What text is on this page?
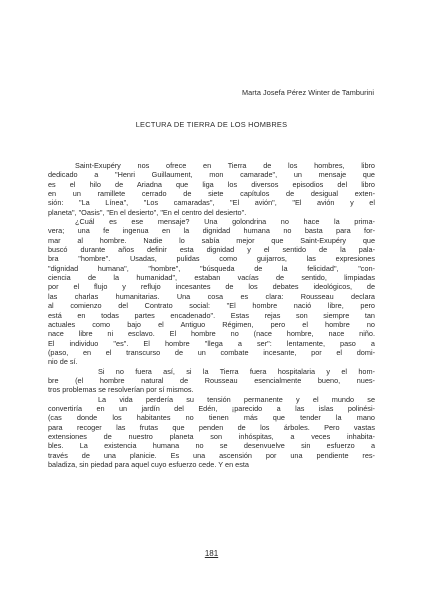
Marta Josefa Pérez Winter de Tamburini
LECTURA DE TIERRA DE LOS HOMBRES
Saint-Exupéry nos ofrece en Tierra de los hombres, libro
dedicado a "Henri Guillaument, mon camarade", un mensaje que
es el hilo de Ariadna que liga los diversos episodios del libro
en un ramillete cerrado de siete capítulos de desigual exten-
sión: "La Línea", "Los camaradas", "El avión", "El avión y el
planeta", "Oasis", "En el desierto", "En el centro del desierto".
¿Cuál es ese mensaje? Una golondrina no hace la prima-
vera; una fe ingenua en la dignidad humana no basta para for-
mar al hombre. Nadie lo sabía mejor que Saint-Exupéry que
buscó durante años definir esta dignidad y el sentido de la pala-
bra "hombre". Usadas, pulidas como guijarros, las expresiones
"dignidad humana", "hombre", "búsqueda de la felicidad", "con-
ciencia de la humanidad", estaban vacías de sentido, limpiadas
por el flujo y reflujo incesantes de los debates ideológicos, de
las charlas humanitarias. Una cosa es clara: Rousseau declara
al comienzo del Contrato social: "El hombre nació libre, pero
está en todas partes encadenado". Estas rejas son siempre tan
actuales como bajo el Antiguo Régimen, pero el hombre no
nace libre ni esclavo. El hombre no (nace hombre, nace niño.
El individuo "es". El hombre "llega a ser": lentamente, paso a
(paso, en el transcurso de un combate incesante, por el domi-
nio de sí.
Si no fuera así, si la Tierra fuera hospitalaria y el hom-
bre (el hombre natural de Rousseau esencialmente bueno, nues-
tros problemas se resolverían por sí mismos.
La vida perdería su tensión permanente y el mundo se
convertiría en un jardín del Edén, ¡parecido a las islas polinési-
(cas donde los habitantes no tienen más que tender la mano
para recoger las frutas que penden de los árboles. Pero vastas
extensiones de nuestro planeta son inhóspitas, a veces inhabita-
bles. La existencia humana no se desenvuelve sin esfuerzo a
través de una planicie. Es una ascensión por una pendiente res-
baladiza, sin piedad para aquel cuyo esfuerzo cede. Y en esta
181
